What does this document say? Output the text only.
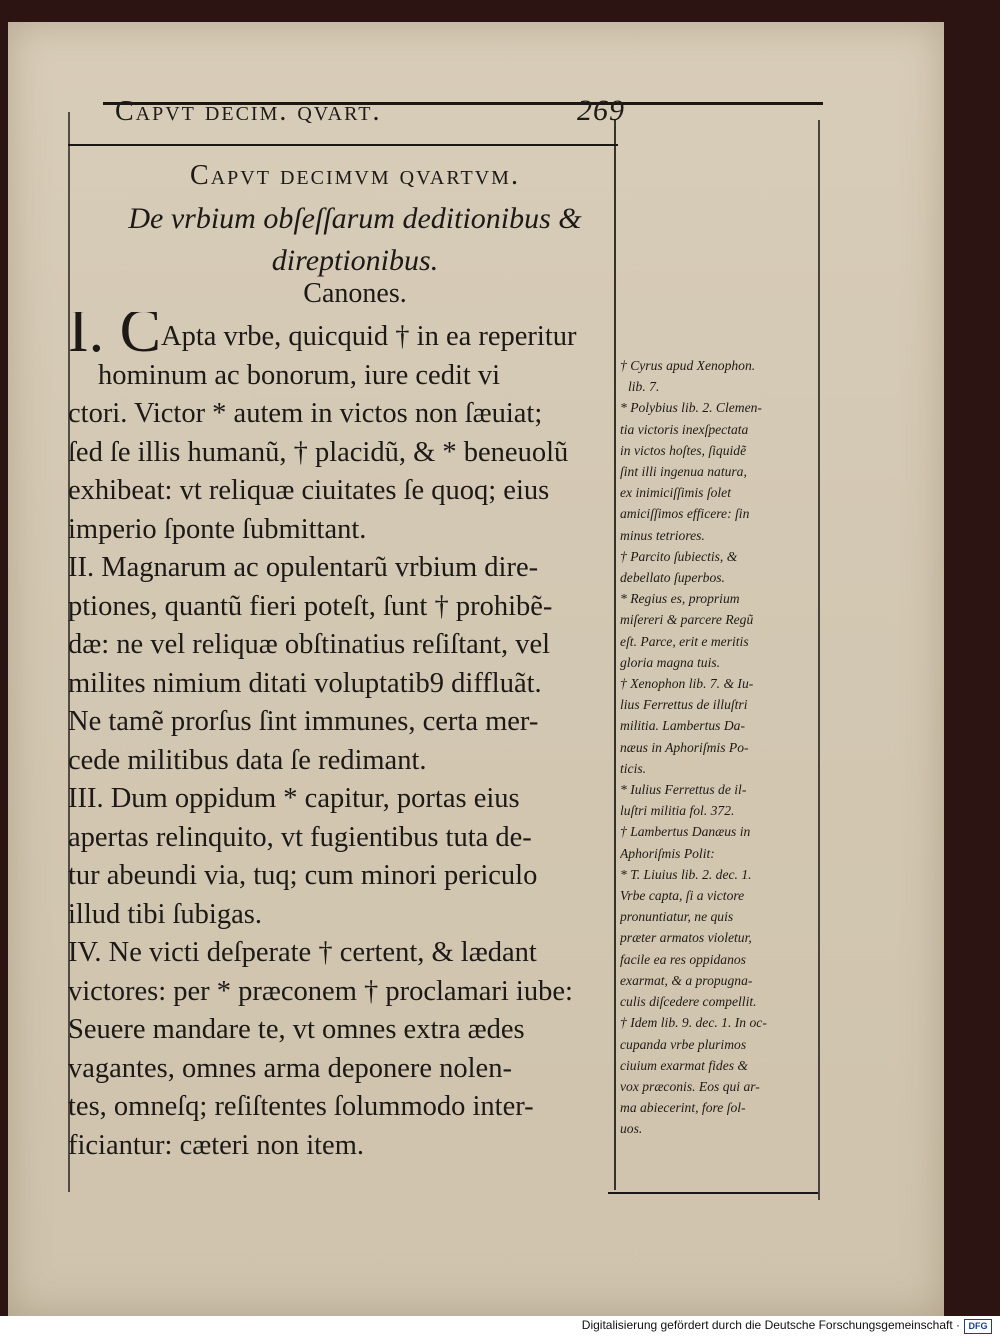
Capvt decim. qvart.	269
Capvt decimvm qvartvm.
De vrbium obſeſſarum deditionibus &
direptionibus.
Canones.
I. CApta vrbe, quicquid † in ea reperitur
hominum ac bonorum, iure cedit vi
ctori. Victor * autem in victos non ſæuiat;
ſed ſe illis humanũ, † placidũ, & * beneuolũ
exhibeat: vt reliquæ ciuitates ſe quoq; eius
imperio ſponte ſubmittant.
II. Magnarum ac opulentarũ vrbium dire-
ptiones, quantũ fieri poteſt, ſunt † prohibẽ-
dæ: ne vel reliquæ obſtinatius reſiſtant, vel
milites nimium ditati voluptatib9 diffluãt.
Ne tamẽ prorſus ſint immunes, certa mer-
cede militibus data ſe redimant.
III. Dum oppidum * capitur, portas eius
apertas relinquito, vt fugientibus tuta de-
tur abeundi via, tuq; cum minori periculo
illud tibi ſubigas.
IV. Ne victi deſperate † certent, & lædant
victores: per * præconem † proclamari iube:
Seuere mandare te, vt omnes extra ædes
vagantes, omnes arma deponere nolen-
tes, omneſq; reſiſtentes ſolummodo inter-
ficiantur: cæteri non item.
† Cyrus apud Xenophon.
lib. 7.
* Polybius lib. 2. Clemen-
tia victoris inexſpectata
in victos hoſtes, ſiquidẽ
ſint illi ingenua natura,
ex inimiciſſimis ſolet
amiciſſimos efficere: ſin
minus tetriores.
† Parcito ſubiectis, &
debellato ſuperbos.
* Regius es, proprium
miſereri & parcere Regũ
eſt. Parce, erit e meritis
gloria magna tuis.
† Xenophon lib. 7. & Iu-
lius Ferrettus de illuſtri
militia. Lambertus Da-
næus in Aphoriſmis Po-
ticis.
* Iulius Ferrettus de il-
luſtri militia fol. 372.
† Lambertus Danæus in
Aphoriſmis Polit:
* T. Liuius lib. 2. dec. 1.
Vrbe capta, ſi a victore
pronuntiatur, ne quis
præter armatos violetur,
facile ea res oppidanos
exarmat, & a propugna-
culis diſcedere compellit.
† Idem lib. 9. dec. 1. In oc-
cupanda vrbe plurimos
ciuium exarmat fides &
vox præconis. Eos qui ar-
ma abiecerint, fore ſol-
uos.
Digitalisierung gefördert durch die Deutsche Forschungsgemeinschaft · DFG
